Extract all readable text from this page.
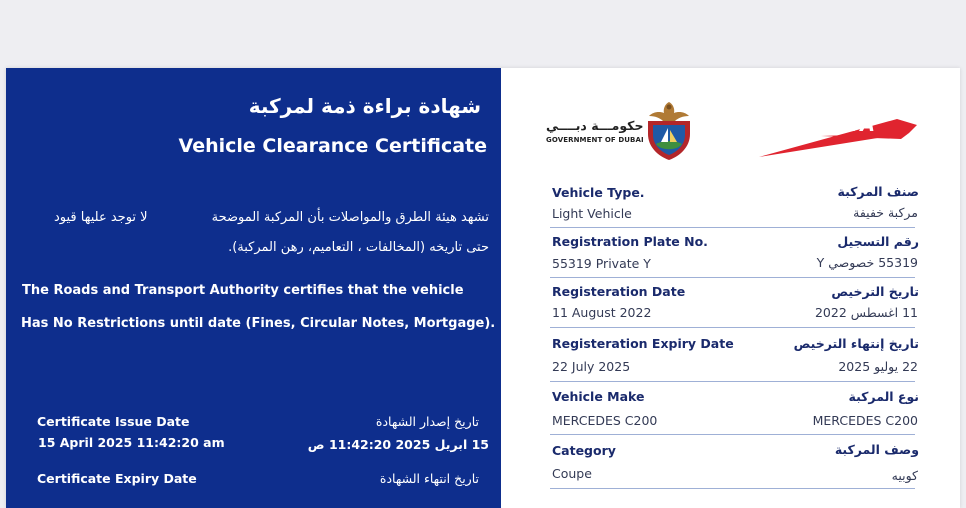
شهادة براءة ذمة لمركبة
Vehicle Clearance Certificate
تشهد هيئة الطرق والمواصلات بأن المركبة الموضحة
لا توجد عليها قيود
حتى تاريخه (المخالفات ، التعاميم، رهن المركبة).
The Roads and Transport Authority certifies that the vehicle
Has No Restrictions until date (Fines, Circular Notes, Mortgage).
Certificate Issue Date	تاريخ إصدار الشهادة
15 April 2025 11:42:20 am	15 ابريل 2025 11:42:20 ص
Certificate Expiry Date	تاريخ انتهاء الشهادة
حكومـــة دبــــي
GOVERNMENT OF DUBAI
RTA
Vehicle Type.	صنف المركبة
Light Vehicle	مركبة خفيفة
Registration Plate No.	رقم التسجيل
55319 Private Y	55319 خصوصي Y
Registeration Date	تاريخ الترخيص
11 August 2022	11 اغسطس 2022
Registeration Expiry Date	تاريخ إنتهاء الترخيص
22 July 2025	22 يوليو 2025
Vehicle Make	نوع المركبة
MERCEDES C200	MERCEDES C200
Category	وصف المركبة
Coupe	كوبيه
